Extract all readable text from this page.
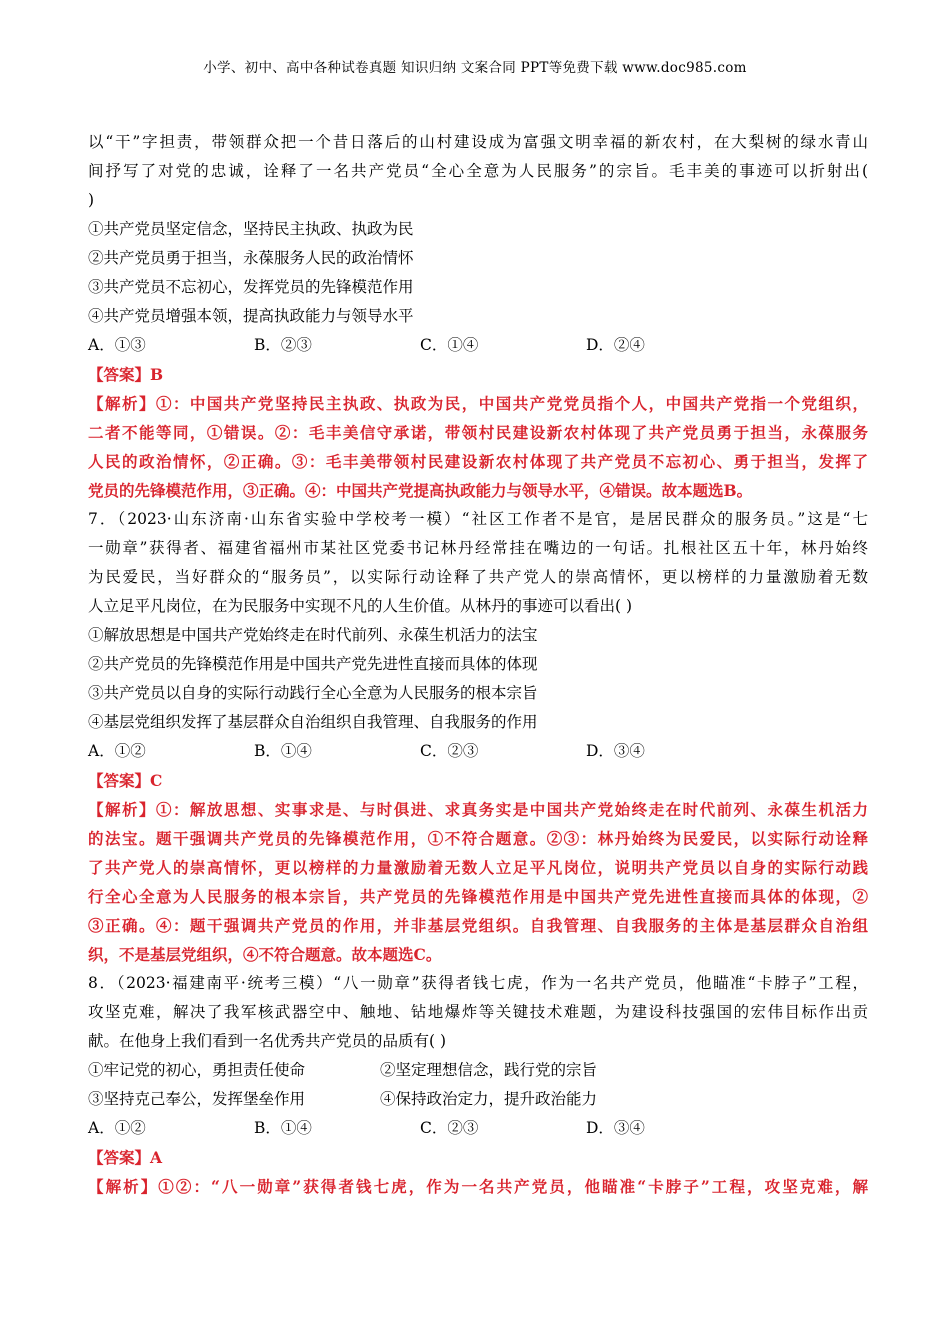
小学、初中、高中各种试卷真题 知识归纳 文案合同 PPT等免费下载 www.doc985.com
以“干”字担责，带领群众把一个昔日落后的山村建设成为富强文明幸福的新农村，在大梨树的绿水青山
间抒写了对党的忠诚，诠释了一名共产党员“全心全意为人民服务”的宗旨。毛丰美的事迹可以折射出(
)
①共产党员坚定信念，坚持民主执政、执政为民
②共产党员勇于担当，永葆服务人民的政治情怀
③共产党员不忘初心，发挥党员的先锋模范作用
④共产党员增强本领，提高执政能力与领导水平
A．①③	B．②③	C．①④	D．②④
【答案】B
【解析】①：中国共产党坚持民主执政、执政为民，中国共产党党员指个人，中国共产党指一个党组织，
二者不能等同，①错误。②：毛丰美信守承诺，带领村民建设新农村体现了共产党员勇于担当，永葆服务
人民的政治情怀，②正确。③：毛丰美带领村民建设新农村体现了共产党员不忘初心、勇于担当，发挥了
党员的先锋模范作用，③正确。④：中国共产党提高执政能力与领导水平，④错误。故本题选B。
7．（2023·山东济南·山东省实验中学校考一模）“社区工作者不是官，是居民群众的服务员。”这是“七
一勋章”获得者、福建省福州市某社区党委书记林丹经常挂在嘴边的一句话。扎根社区五十年，林丹始终
为民爱民，当好群众的“服务员”，以实际行动诠释了共产党人的崇高情怀，更以榜样的力量激励着无数
人立足平凡岗位，在为民服务中实现不凡的人生价值。从林丹的事迹可以看出( )
①解放思想是中国共产党始终走在时代前列、永葆生机活力的法宝
②共产党员的先锋模范作用是中国共产党先进性直接而具体的体现
③共产党员以自身的实际行动践行全心全意为人民服务的根本宗旨
④基层党组织发挥了基层群众自治组织自我管理、自我服务的作用
A．①②	B．①④	C．②③	D．③④
【答案】C
【解析】①：解放思想、实事求是、与时俱进、求真务实是中国共产党始终走在时代前列、永葆生机活力
的法宝。题干强调共产党员的先锋模范作用，①不符合题意。②③：林丹始终为民爱民，以实际行动诠释
了共产党人的崇高情怀，更以榜样的力量激励着无数人立足平凡岗位，说明共产党员以自身的实际行动践
行全心全意为人民服务的根本宗旨，共产党员的先锋模范作用是中国共产党先进性直接而具体的体现，②
③正确。④：题干强调共产党员的作用，并非基层党组织。自我管理、自我服务的主体是基层群众自治组
织，不是基层党组织，④不符合题意。故本题选C。
8．（2023·福建南平·统考三模）“八一勋章”获得者钱七虎，作为一名共产党员，他瞄准“卡脖子”工程，
攻坚克难，解决了我军核武器空中、触地、钻地爆炸等关键技术难题，为建设科技强国的宏伟目标作出贡
献。在他身上我们看到一名优秀共产党员的品质有( )
①牢记党的初心，勇担责任使命	②坚定理想信念，践行党的宗旨
③坚持克己奉公，发挥堡垒作用	④保持政治定力，提升政治能力
A．①②	B．①④	C．②③	D．③④
【答案】A
【解析】①②：“八一勋章”获得者钱七虎，作为一名共产党员，他瞄准“卡脖子”工程，攻坚克难，解
